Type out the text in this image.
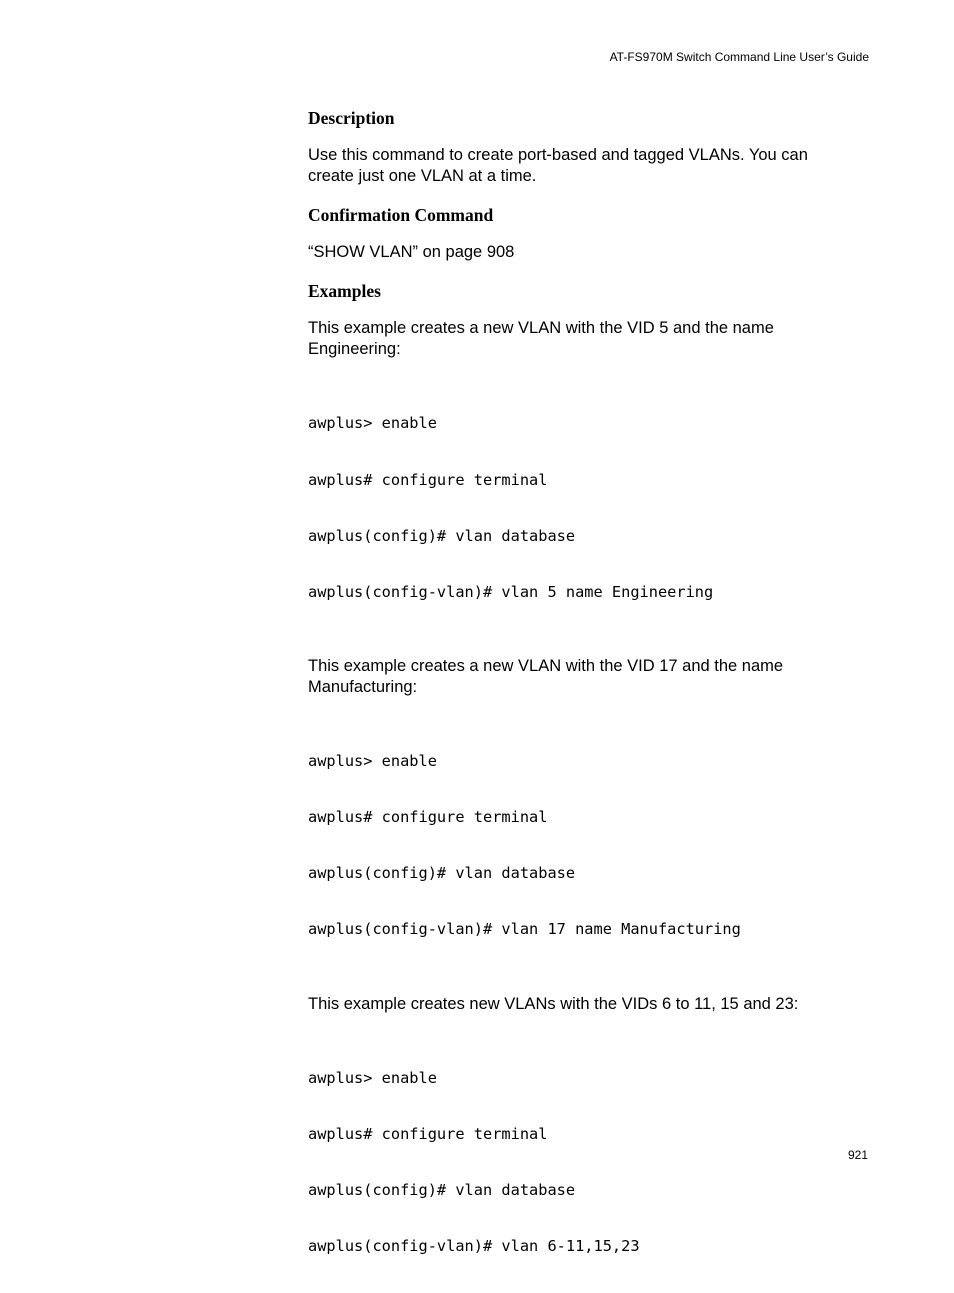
AT-FS970M Switch Command Line User’s Guide
Description

Use this command to create port-based and tagged VLANs. You can create just one VLAN at a time.

Confirmation Command

“SHOW VLAN” on page 908

Examples

This example creates a new VLAN with the VID 5 and the name Engineering:

awplus> enable

awplus# configure terminal

awplus(config)# vlan database

awplus(config-vlan)# vlan 5 name Engineering

This example creates a new VLAN with the VID 17 and the name Manufacturing:

awplus> enable

awplus# configure terminal

awplus(config)# vlan database

awplus(config-vlan)# vlan 17 name Manufacturing

This example creates new VLANs with the VIDs 6 to 11, 15 and 23:

awplus> enable

awplus# configure terminal

awplus(config)# vlan database

awplus(config-vlan)# vlan 6-11,15,23

921
